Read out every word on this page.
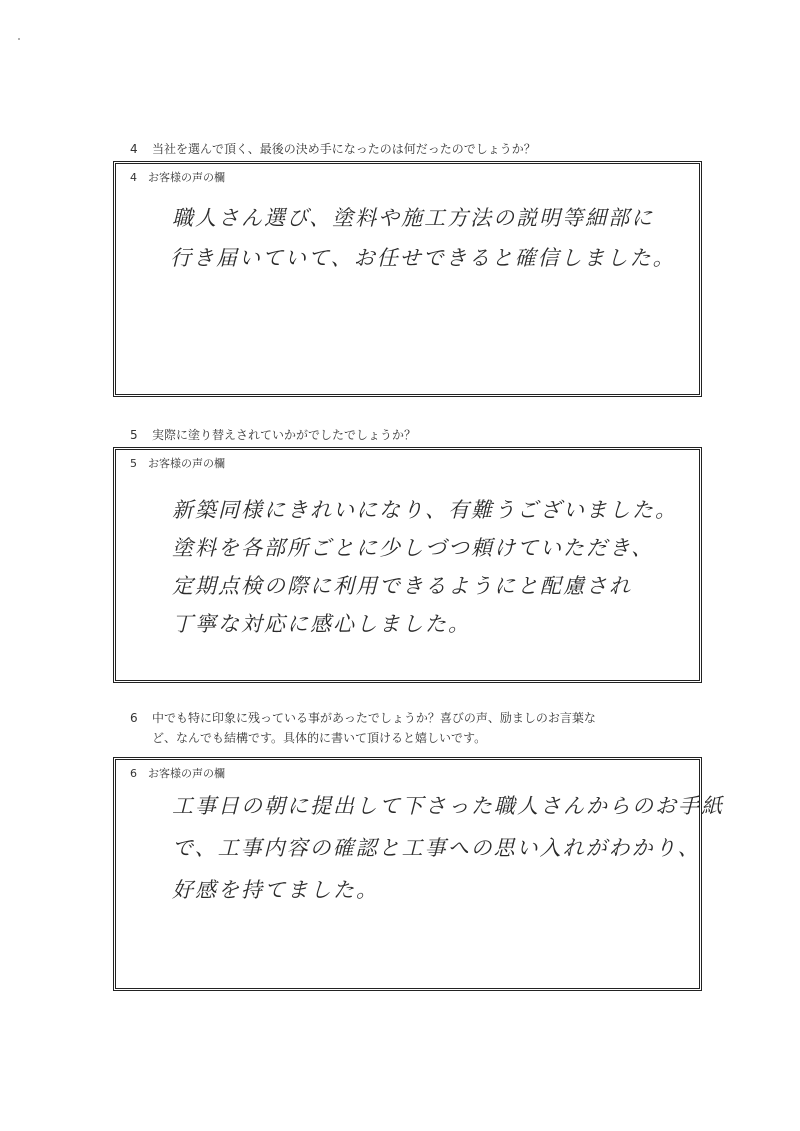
4 当社を選んで頂く、最後の決め手になったのは何だったのでしょうか？
4 お客様の声の欄
職人さん選び、塗料や施工方法の説明等細部に
行き届いていて、お任せできると確信しました。
5 実際に塗り替えされていかがでしたでしょうか？
5 お客様の声の欄
新築同様にきれいになり、有難うございました。
塗料を各部所ごとに少しづつ頼けていただき、
定期点検の際に利用できるようにと配慮され
丁寧な対応に感心しました。
6 中でも特に印象に残っている事があったでしょうか？喜びの声、励ましのお言葉な
ど、なんでも結構です。具体的に書いて頂けると嬉しいです。
6 お客様の声の欄
工事日の朝に提出して下さった職人さんからのお手紙
で、工事内容の確認と工事への思い入れがわかり、
好感を持てました。
